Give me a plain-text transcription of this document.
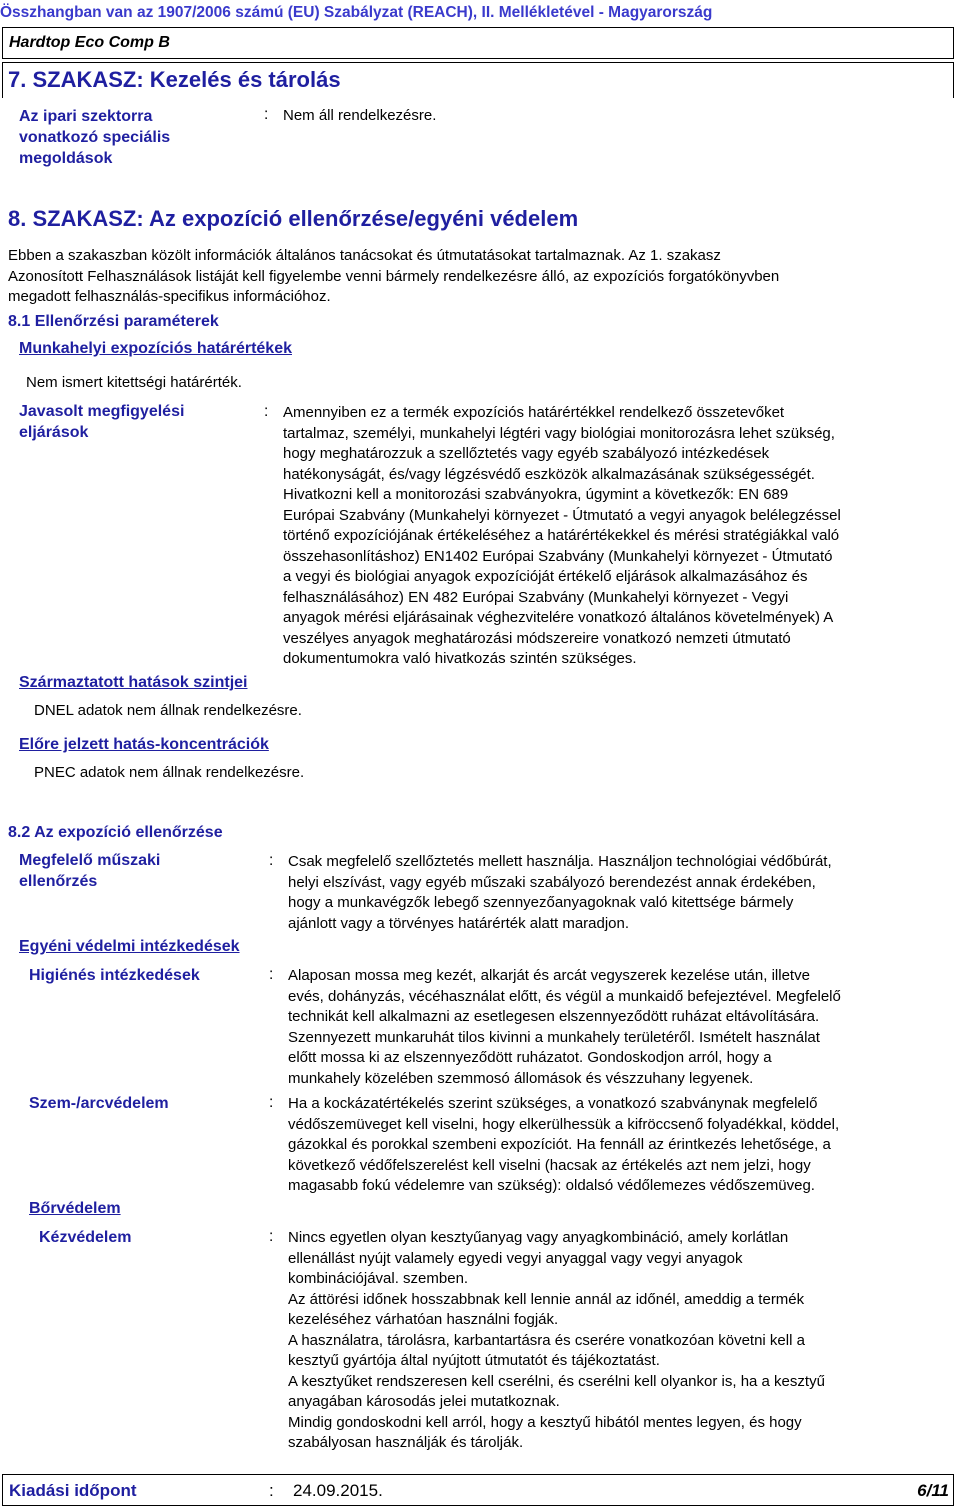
Összhangban van az 1907/2006 számú (EU) Szabályzat (REACH), II. Mellékletével - Magyarország
Hardtop Eco Comp B
7. SZAKASZ: Kezelés és tárolás
Az ipari szektorra
vonatkozó speciális
megoldások
: Nem áll rendelkezésre.
8. SZAKASZ: Az expozíció ellenőrzése/egyéni védelem
Ebben a szakaszban közölt információk általános tanácsokat és útmutatásokat tartalmaznak. Az 1. szakasz
Azonosított Felhasználások listáját kell figyelembe venni bármely rendelkezésre álló, az expozíciós forgatókönyvben
megadott felhasználás-specifikus információhoz.
8.1 Ellenőrzési paraméterek
Munkahelyi expozíciós határértékek
Nem ismert kitettségi határérték.
Javasolt megfigyelési
eljárások
: Amennyiben ez a termék expozíciós határértékkel rendelkező összetevőket
tartalmaz, személyi, munkahelyi légtéri vagy biológiai monitorozásra lehet szükség,
hogy meghatározzuk a szellőztetés vagy egyéb szabályozó intézkedések
hatékonyságát, és/vagy légzésvédő eszközök alkalmazásának szükségességét.
Hivatkozni kell a monitorozási szabványokra, úgymint a következők: EN 689
Európai Szabvány (Munkahelyi környezet - Útmutató a vegyi anyagok belélegzéssel
történő expozíciójának értékeléséhez a határértékekkel és mérési stratégiákkal való
összehasonlításhoz) EN1402 Európai Szabvány (Munkahelyi környezet - Útmutató
a vegyi és biológiai anyagok expozícióját értékelő eljárások alkalmazásához és
felhasználásához) EN 482 Európai Szabvány (Munkahelyi környezet - Vegyi
anyagok mérési eljárásainak véghezvitelére vonatkozó általános követelmények) A
veszélyes anyagok meghatározási módszereire vonatkozó nemzeti útmutató
dokumentumokra való hivatkozás szintén szükséges.
Származtatott hatások szintjei
DNEL adatok nem állnak rendelkezésre.
Előre jelzett hatás-koncentrációk
PNEC adatok nem állnak rendelkezésre.
8.2 Az expozíció ellenőrzése
Megfelelő műszaki
ellenőrzés
: Csak megfelelő szellőztetés mellett használja. Használjon technológiai védőbúrát,
helyi elszívást, vagy egyéb műszaki szabályozó berendezést annak érdekében,
hogy a munkavégzők lebegő szennyezőanyagoknak való kitettsége bármely
ajánlott vagy a törvényes határérték alatt maradjon.
Egyéni védelmi intézkedések
Higiénés intézkedések	: Alaposan mossa meg kezét, alkarját és arcát vegyszerek kezelése után, illetve
evés, dohányzás, vécéhasználat előtt, és végül a munkaidő befejeztével. Megfelelő
technikát kell alkalmazni az esetlegesen elszennyeződött ruházat eltávolítására.
Szennyezett munkaruhát tilos kivinni a munkahely területéről. Ismételt használat
előtt mossa ki az elszennyeződött ruházatot. Gondoskodjon arról, hogy a
munkahely közelében szemmosó állomások és vészzuhany legyenek.
Szem-/arcvédelem	: Ha a kockázatértékelés szerint szükséges, a vonatkozó szabványnak megfelelő
védőszemüveget kell viselni, hogy elkerülhessük a kifröccsenő folyadékkal, köddel,
gázokkal és porokkal szembeni expozíciót. Ha fennáll az érintkezés lehetősége, a
következő védőfelszerelést kell viselni (hacsak az értékelés azt nem jelzi, hogy
magasabb fokú védelemre van szükség): oldalsó védőlemezes védőszemüveg.
Bőrvédelem
Kézvédelem	: Nincs egyetlen olyan kesztyűanyag vagy anyagkombináció, amely korlátlan
ellenállást nyújt valamely egyedi vegyi anyaggal vagy vegyi anyagok
kombinációjával. szemben.
Az áttörési időnek hosszabbnak kell lennie annál az időnél, ameddig a termék
kezeléséhez várhatóan használni fogják.
A használatra, tárolásra, karbantartásra és cserére vonatkozóan követni kell a
kesztyű gyártója által nyújtott útmutatót és tájékoztatást.
A kesztyűket rendszeresen kell cserélni, és cserélni kell olyankor is, ha a kesztyű
anyagában károsodás jelei mutatkoznak.
Mindig gondoskodni kell arról, hogy a kesztyű hibától mentes legyen, és hogy
szabályosan használják és tárolják.
Kiadási időpont	: 24.09.2015.	6/11
